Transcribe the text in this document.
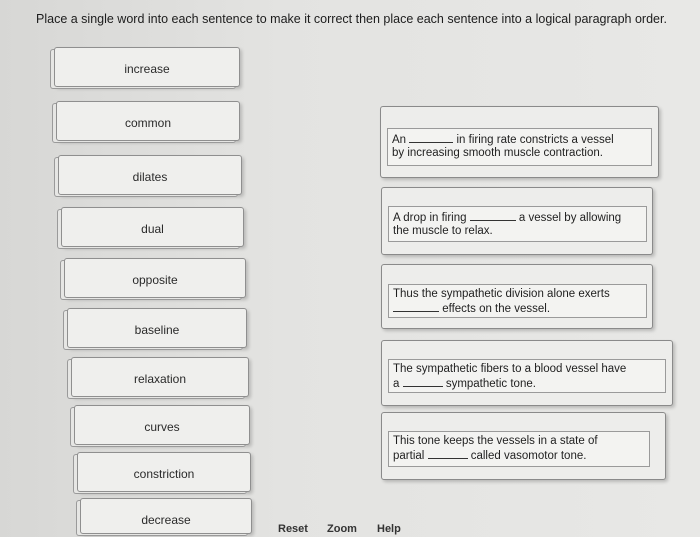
Place a single word into each sentence to make it correct then place each sentence into a logical paragraph order.
increase
common
dilates
dual
opposite
baseline
relaxation
curves
constriction
decrease
An	in firing rate constricts a vessel
by increasing smooth muscle contraction.
A drop in firing	a vessel by allowing
the muscle to relax.
Thus the sympathetic division alone exerts
effects on the vessel.
The sympathetic fibers to a blood vessel have
a	sympathetic tone.
This tone keeps the vessels in a state of
partial	called vasomotor tone.
Reset Zoom Help
